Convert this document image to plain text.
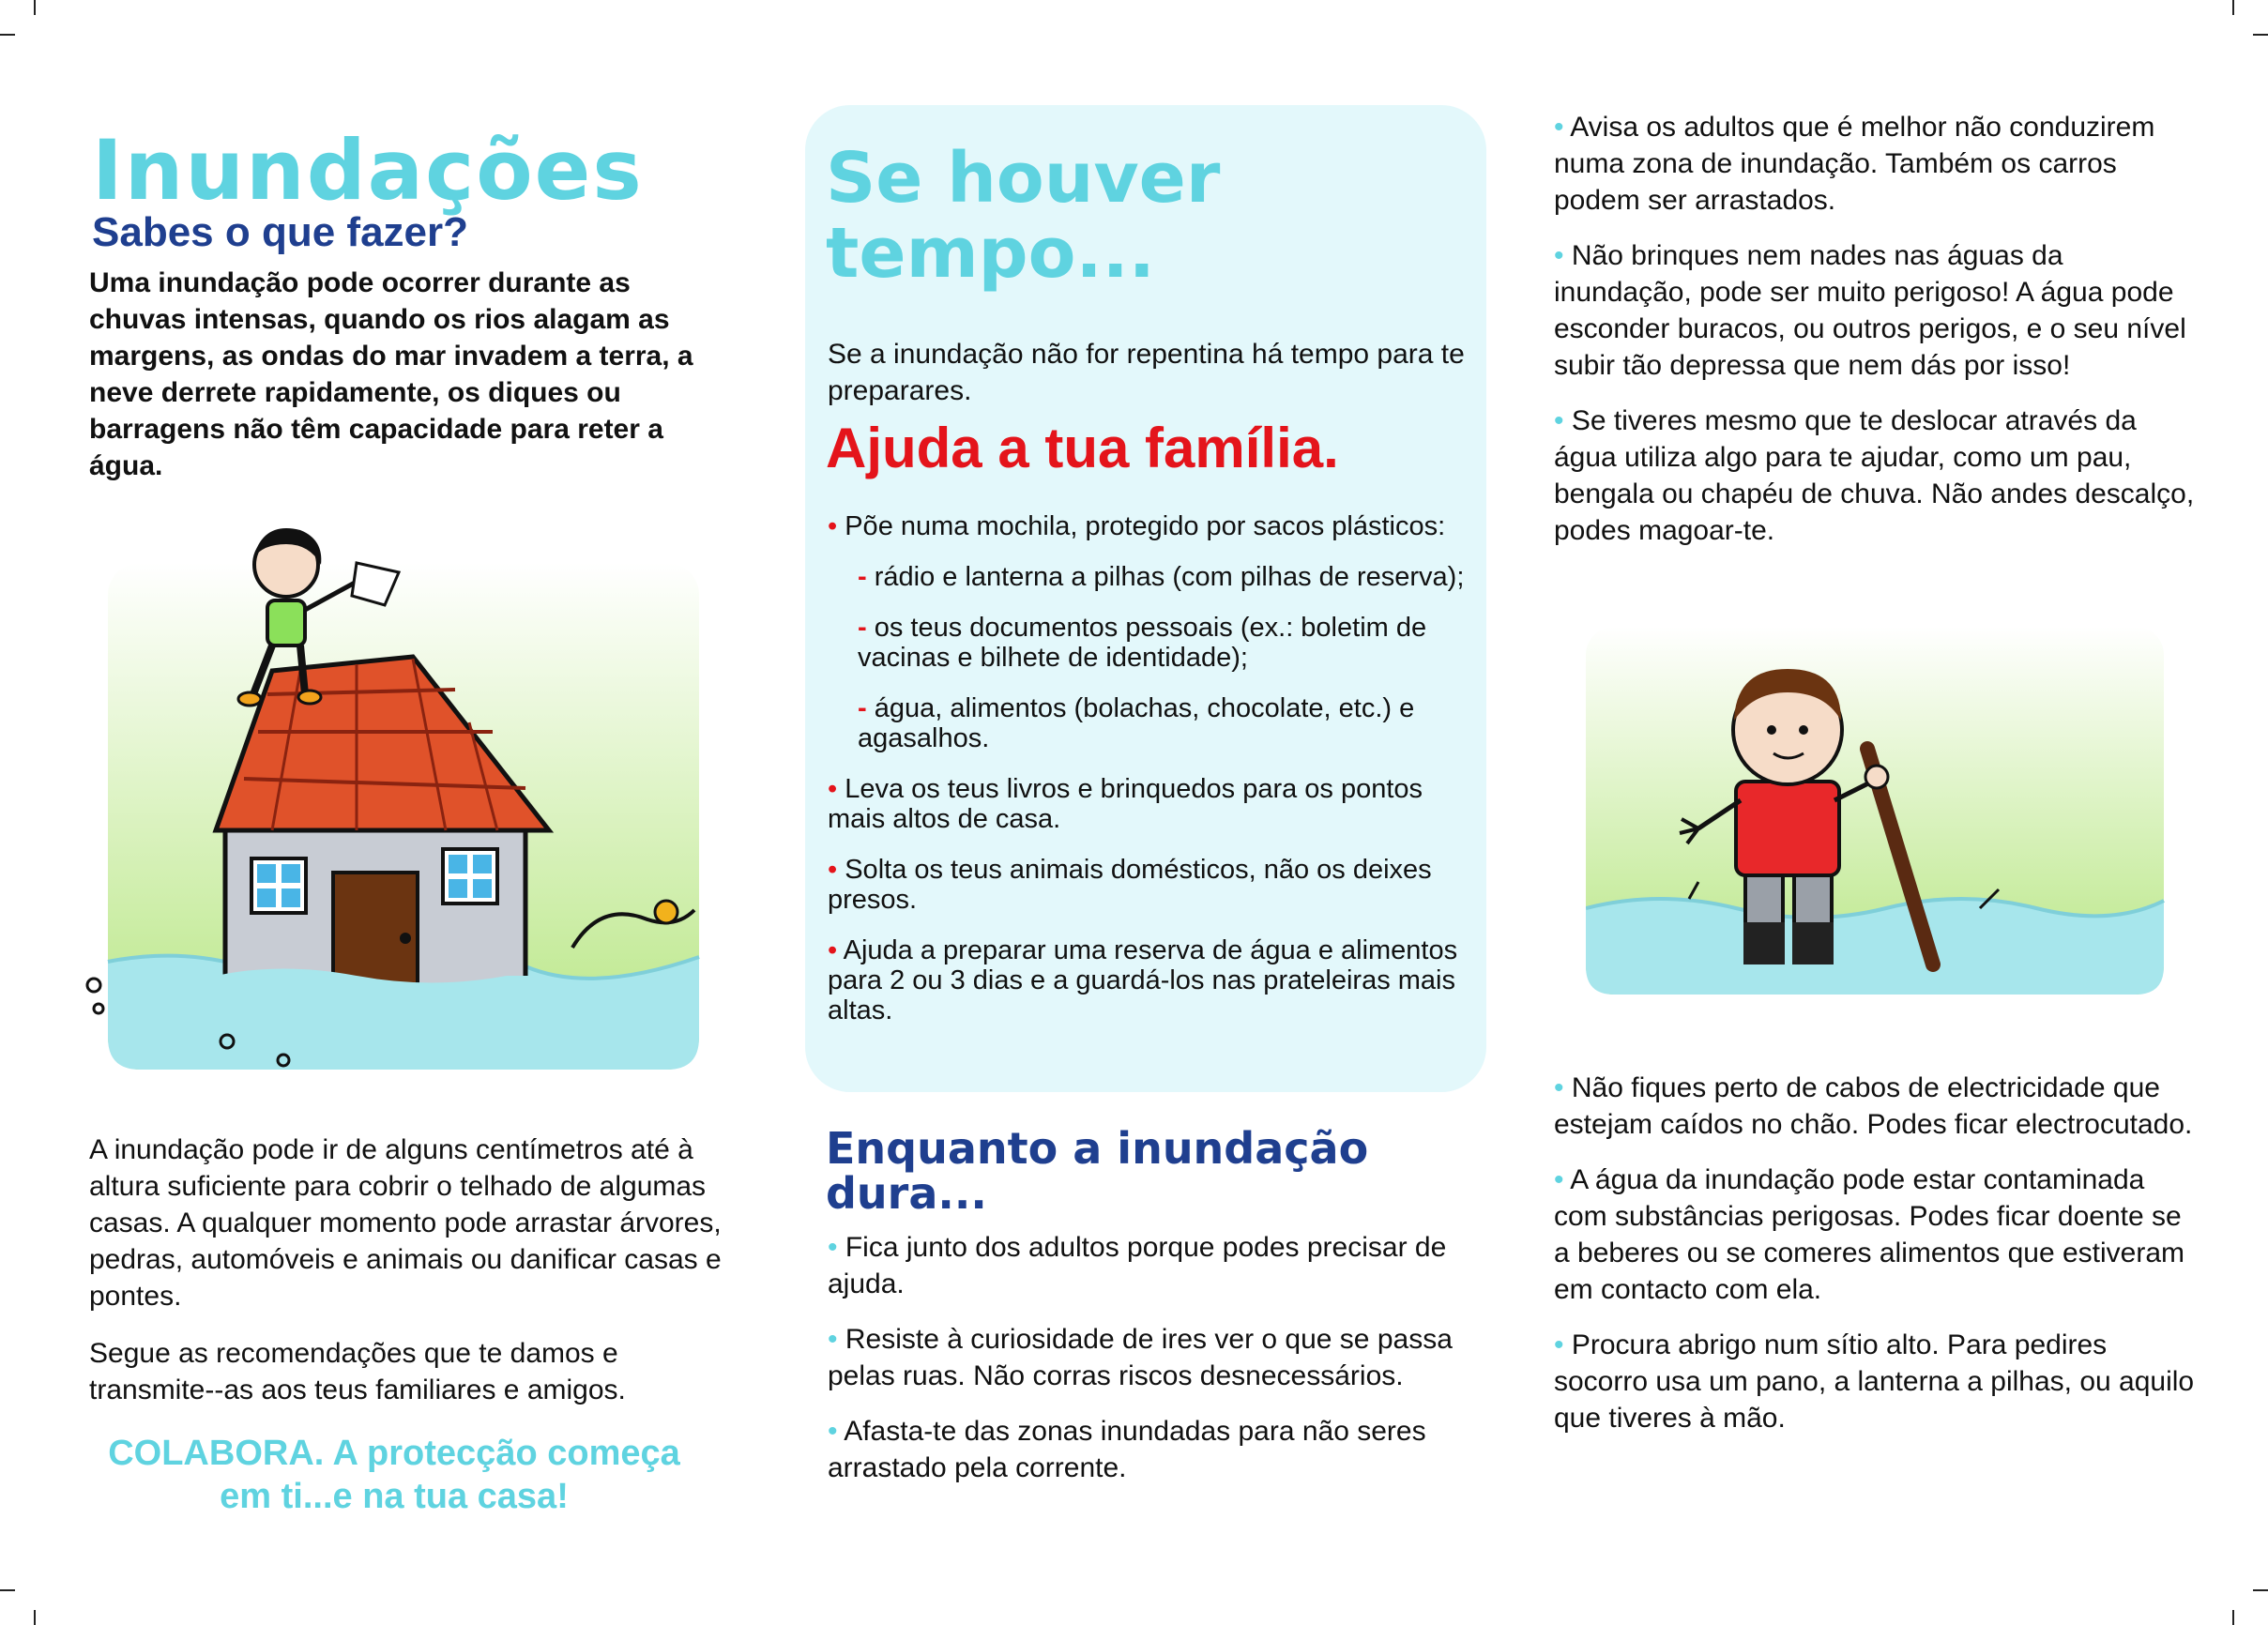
Inundações
Sabes o que fazer?
Uma inundação pode ocorrer durante as chuvas intensas, quando os rios alagam as margens, as ondas do mar invadem a terra, a neve derrete rapidamente, os diques ou barragens não têm capacidade para reter a água.

A inundação pode ir de alguns centímetros até à altura suficiente para cobrir o telhado de algumas casas. A qualquer momento pode arrastar árvores, pedras, automóveis e animais ou danificar casas e pontes.

Segue as recomendações que te damos e transmite--as aos teus familiares e amigos.

COLABORA. A protecção começa
em ti...e na tua casa!
Se houver
tempo...
Se a inundação não for repentina há tempo para te preparares.
Ajuda a tua família.
• Põe numa mochila, protegido por sacos plásticos:
- rádio e lanterna a pilhas (com pilhas de reserva);
- os teus documentos pessoais (ex.: boletim de vacinas e bilhete de identidade);
- água, alimentos (bolachas, chocolate, etc.) e agasalhos.
• Leva os teus livros e brinquedos para os pontos mais altos de casa.
• Solta os teus animais domésticos, não os deixes presos.
• Ajuda a preparar uma reserva de água e alimentos para 2 ou 3 dias e a guardá-los nas prateleiras mais altas.
Enquanto a inundação
dura...
• Fica junto dos adultos porque podes precisar de ajuda.
• Resiste à curiosidade de ires ver o que se passa pelas ruas. Não corras riscos desnecessários.
• Afasta-te das zonas inundadas para não seres arrastado pela corrente.
• Avisa os adultos que é melhor não conduzirem numa zona de inundação. Também os carros podem ser arrastados.
• Não brinques nem nades nas águas da inundação, pode ser muito perigoso! A água pode esconder buracos, ou outros perigos, e o seu nível subir tão depressa que nem dás por isso!
• Se tiveres mesmo que te deslocar através da água utiliza algo para te ajudar, como um pau, bengala ou chapéu de chuva. Não andes descalço, podes magoar-te.
• Não fiques perto de cabos de electricidade que estejam caídos no chão. Podes ficar electrocutado.
• A água da inundação pode estar contaminada com substâncias perigosas. Podes ficar doente se a beberes ou se comeres alimentos que estiveram em contacto com ela.
• Procura abrigo num sítio alto. Para pedires socorro usa um pano, a lanterna a pilhas, ou aquilo que tiveres à mão.
